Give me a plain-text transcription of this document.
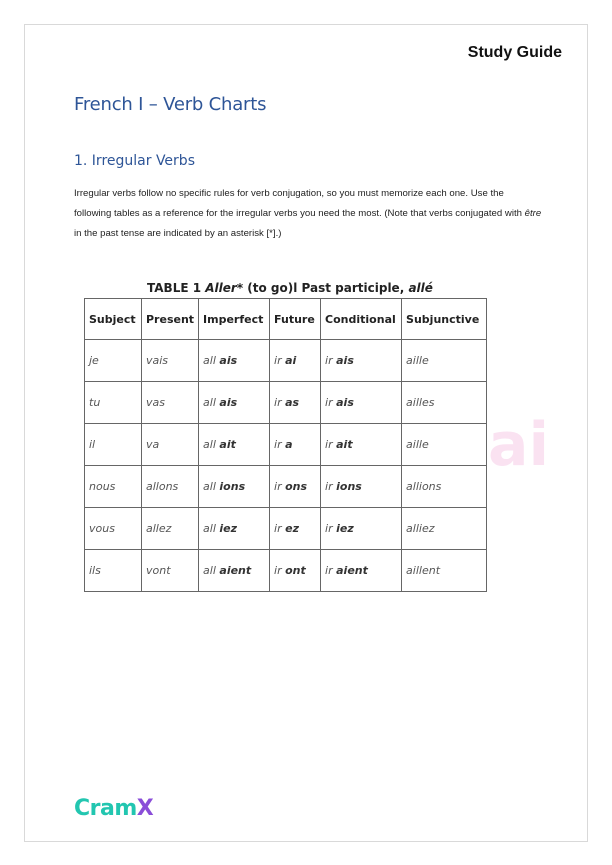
Study Guide
French I – Verb Charts
1. Irregular Verbs
Irregular verbs follow no specific rules for verb conjugation, so you must memorize each one. Use the following tables as a reference for the irregular verbs you need the most. (Note that verbs conjugated with être in the past tense are indicated by an asterisk [*].)
TABLE 1 Aller* (to go)l Past participle, allé
ai
Subject	Present	Imperfect	Future	Conditional	Subjunctive
je	vais	all ais	ir ai	ir ais	aille
tu	vas	all ais	ir as	ir ais	ailles
il	va	all ait	ir a	ir ait	aille
nous	allons	all ions	ir ons	ir ions	allions
vous	allez	all iez	ir ez	ir iez	alliez
ils	vont	all aient	ir ont	ir aient	aillent
CramX
